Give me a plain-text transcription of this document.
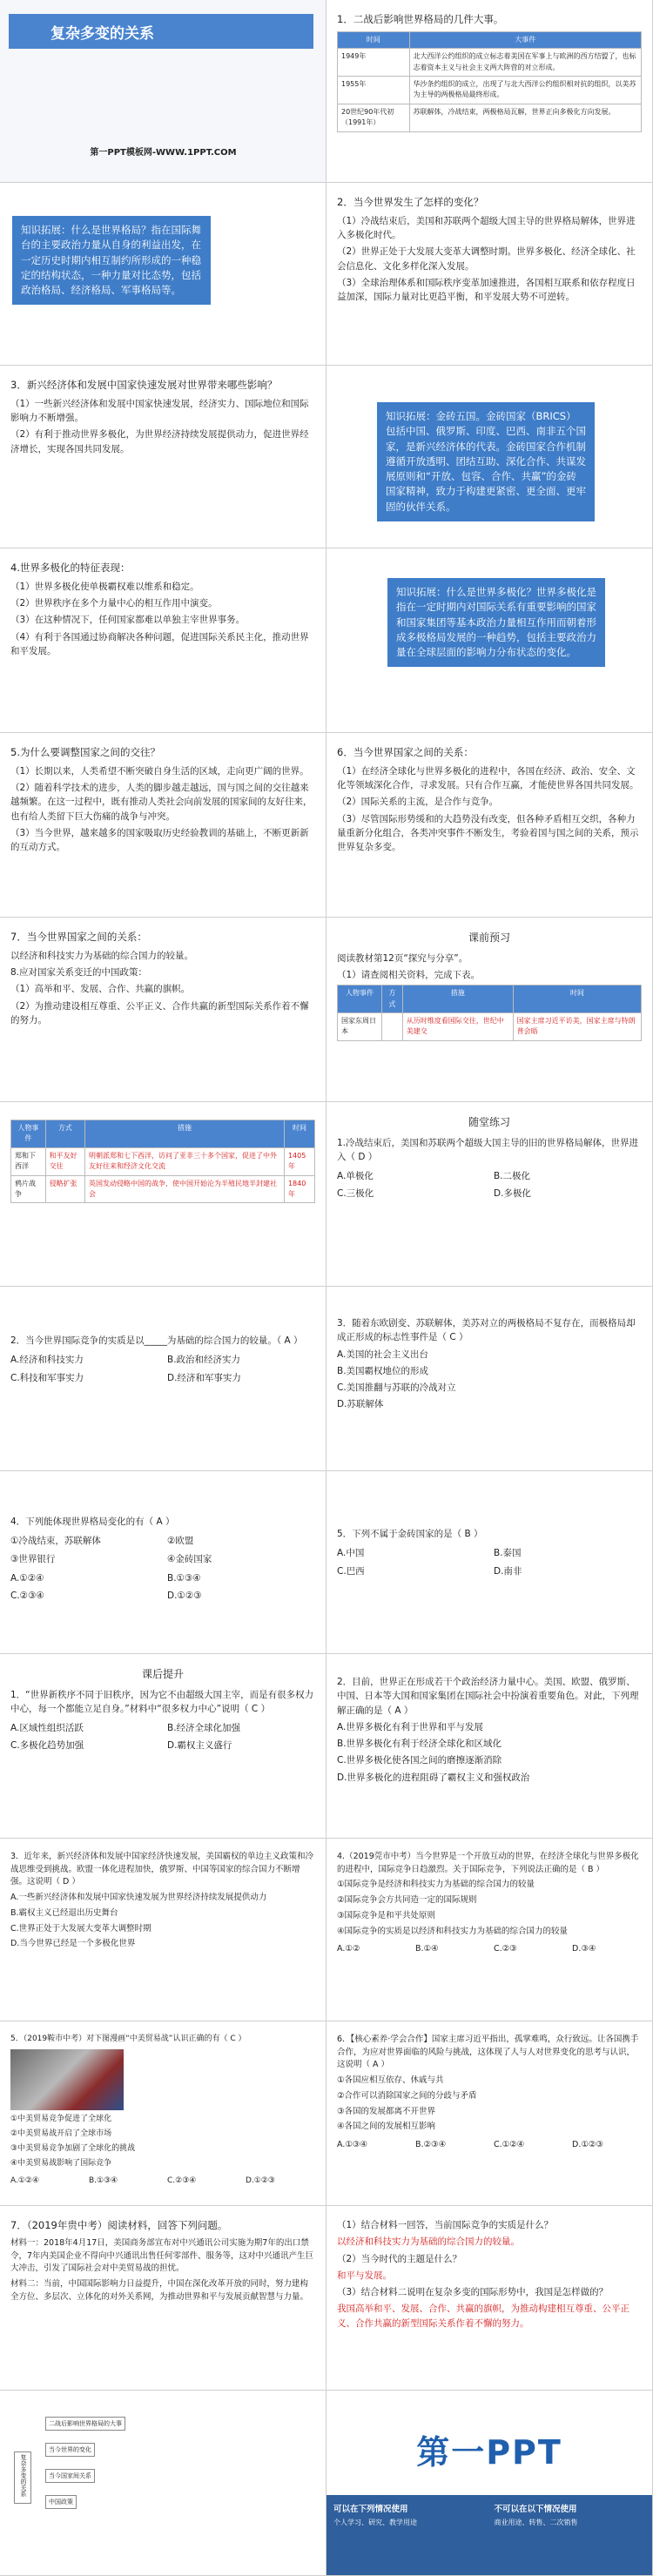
复杂多变的关系
第一PPT模板网-WWW.1PPT.COM
1．二战后影响世界格局的几件大事。
时间	大事件
1949年	北大西洋公约组织的成立标志着美国在军事上与欧洲的西方结盟了，也标志着资本主义与社会主义两大阵营的对立形成。
1955年	华沙条约组织的成立，出现了与北大西洋公约组织相对抗的组织，以美苏为主导的两极格局最终形成。
20世纪90年代初（1991年）	苏联解体，冷战结束，两极格局瓦解，世界正向多极化方向发展。
知识拓展：什么是世界格局？指在国际舞台的主要政治力量从自身的利益出发，在一定历史时期内相互制约所形成的一种稳定的结构状态，一种力量对比态势，包括政治格局、经济格局、军事格局等。
2．当今世界发生了怎样的变化？

（1）冷战结束后，美国和苏联两个超级大国主导的世界格局解体，世界进入多极化时代。

（2）世界正处于大发展大变革大调整时期。世界多极化、经济全球化、社会信息化、文化多样化深入发展。

（3）全球治理体系和国际秩序变革加速推进，各国相互联系和依存程度日益加深，国际力量对比更趋平衡，和平发展大势不可逆转。

3．新兴经济体和发展中国家快速发展对世界带来哪些影响？

（1）一些新兴经济体和发展中国家快速发展，经济实力、国际地位和国际影响力不断增强。

（2）有利于推动世界多极化，为世界经济持续发展提供动力，促进世界经济增长，实现各国共同发展。

知识拓展：金砖五国。金砖国家（BRICS）包括中国、俄罗斯、印度、巴西、南非五个国家，是新兴经济体的代表。金砖国家合作机制遵循开放透明、团结互助、深化合作、共谋发展原则和“开放、包容、合作、共赢”的金砖国家精神，致力于构建更紧密、更全面、更牢固的伙伴关系。
4.世界多极化的特征表现：

（1）世界多极化使单极霸权难以维系和稳定。

（2）世界秩序在多个力量中心的相互作用中演变。

（3）在这种情况下，任何国家都难以单独主宰世界事务。

（4）有利于各国通过协商解决各种问题，促进国际关系民主化，推动世界和平发展。

知识拓展：什么是世界多极化？世界多极化是指在一定时期内对国际关系有重要影响的国家和国家集团等基本政治力量相互作用而朝着形成多极格局发展的一种趋势，包括主要政治力量在全球层面的影响力分布状态的变化。
5.为什么要调整国家之间的交往？

（1）长期以来，人类希望不断突破自身生活的区域，走向更广阔的世界。

（2）随着科学技术的进步，人类的脚步越走越远，国与国之间的交往越来越频繁。在这一过程中，既有推动人类社会向前发展的国家间的友好往来，也有给人类留下巨大伤痛的战争与冲突。

（3）当今世界，越来越多的国家吸取历史经验教训的基础上，不断更新新的互动方式。

6．当今世界国家之间的关系：

（1）在经济全球化与世界多极化的进程中，各国在经济、政治、安全、文化等领域深化合作，寻求发展。只有合作互赢，才能使世界各国共同发展。

（2）国际关系的主流，是合作与竞争。

（3）尽管国际形势缓和的大趋势没有改变，但各种矛盾相互交织，各种力量重新分化组合，各类冲突事件不断发生，考验着国与国之间的关系，预示世界复杂多变。

7．当今世界国家之间的关系：

以经济和科技实力为基础的综合国力的较量。

8.应对国家关系变迁的中国政策：

（1）高举和平、发展、合作、共赢的旗帜。

（2）为推动建设相互尊重、公平正义、合作共赢的新型国际关系作着不懈的努力。

课前预习

阅读教材第12页“探究与分享”。

（1）请查阅相关资料，完成下表。

人物事件	方式	措施	时间
国家东周日本		从历时维度看国际交往，世纪中美建交	国家主席习近平访美，国家主席与特朗普会晤
人物事件	方式	措施	时间
郑和下西洋	和平友好交往	明朝派郑和七下西洋，访问了亚非三十多个国家，促进了中外友好往来和经济文化交流	1405年
鸦片战争	侵略扩张	英国发动侵略中国的战争，使中国开始沦为半殖民地半封建社会	1840年
随堂练习

1.冷战结束后，美国和苏联两个超级大国主导的旧的世界格局解体，世界进入（ D ）

A.单极化	B.二极化
C.三极化	D.多极化

2．当今世界国际竞争的实质是以_____为基础的综合国力的较量。（ A ）

A.经济和科技实力	B.政治和经济实力
C.科技和军事实力	D.经济和军事实力

3．随着东欧剧变、苏联解体，美苏对立的两极格局不复存在，而极格局却成正形成的标志性事件是（ C ）

A.美国的社会主义出台

B.美国霸权地位的形成

C.美国推翻与苏联的冷战对立

D.苏联解体

4．下列能体现世界格局变化的有（ A ）

①冷战结束，苏联解体	②欧盟
③世界银行	④金砖国家
A.①②④	B.①③④
C.②③④	D.①②③

5．下列不属于金砖国家的是（ B ）

A.中国	B.泰国
C.巴西	D.南非
课后提升

1．“世界新秩序不同于旧秩序，因为它不由超级大国主宰，而是有很多权力中心，每一个都能立足自身。”材料中“很多权力中心”说明（ C ）

A.区域性组织活跃	B.经济全球化加强
C.多极化趋势加强	D.霸权主义盛行

2．目前，世界正在形成若干个政治经济力量中心。美国、欧盟、俄罗斯、中国、日本等大国和国家集团在国际社会中扮演着重要角色。对此，下列理解正确的是（ A ）

A.世界多极化有利于世界和平与发展

B.世界多极化有利于经济全球化和区域化

C.世界多极化使各国之间的磨擦逐渐消除

D.世界多极化的进程阻碍了霸权主义和强权政治

3．近年来，新兴经济体和发展中国家经济快速发展，美国霸权的单边主义政策和冷战思维受到挑战。欧盟一体化进程加快，俄罗斯、中国等国家的综合国力不断增强。这说明（ D ）

A.一些新兴经济体和发展中国家快速发展为世界经济持续发展提供动力

B.霸权主义已经退出历史舞台

C.世界正处于大发展大变革大调整时期

D.当今世界已经是一个多极化世界

4.（2019莞市中考）当今世界是一个开放互动的世界，在经济全球化与世界多极化的进程中，国际竞争日趋激烈。关于国际竞争，下列说法正确的是（ B ）

①国际竞争是经济和科技实力为基础的综合国力的较量

②国际竞争会方共同造一定的国际规则

③国际竞争是和平共处原则

④国际竞争的实质是以经济和科技实力为基础的综合国力的较量

A.①②	B.①④	C.②③	D.③④

5．（2019鞍市中考）对下图漫画“中美贸易战”认识正确的有（ C ）

①中美贸易竞争促进了全球化

②中美贸易战开启了全球市场

③中美贸易竞争加剧了全球化的挑战

④中美贸易战影响了国际竞争

A.①②④	B.①③④	C.②③④	D.①②③

6．【核心素养·学会合作】国家主席习近平指出，孤掌难鸣，众行致远。让各国携手合作，为应对世界面临的风险与挑战，这体现了人与人对世界变化的思考与认识，这说明（ A ）

①各国应相互依存、休戚与共

②合作可以消除国家之间的分歧与矛盾

③各国的发展都离不开世界

④各国之间的发展相互影响

A.①③④	B.②③④	C.①②④	D.①②③
7．（2019年贵中考）阅读材料，回答下列问题。

材料一：2018年4月17日，美国商务部宣布对中兴通讯公司实施为期7年的出口禁令，7年内美国企业不得向中兴通讯出售任何零部件、服务等，这对中兴通讯产生巨大冲击，引发了国际社会对中美贸易战的担忧。

材料二：当前，中国国际影响力日益提升，中国在深化改革开放的同时，努力建构全方位、多层次、立体化的对外关系网，为推动世界和平与发展贡献智慧与力量。

（1）结合材料一回答，当前国际竞争的实质是什么？

以经济和科技实力为基础的综合国力的较量。

（2）当今时代的主题是什么？

和平与发展。

（3）结合材料二说明在复杂多变的国际形势中，我国是怎样做的？

我国高举和平、发展、合作、共赢的旗帜，为推动构建相互尊重、公平正义、合作共赢的新型国际关系作着不懈的努力。

复杂多变的关系
二战后影响世界格局的大事
当今世界的变化
当今国家间关系
中国政策
第一PPT
可以在下列情况使用
个人学习、研究、教学用途
不可以在以下情况使用
商业用途、转售、二次销售
